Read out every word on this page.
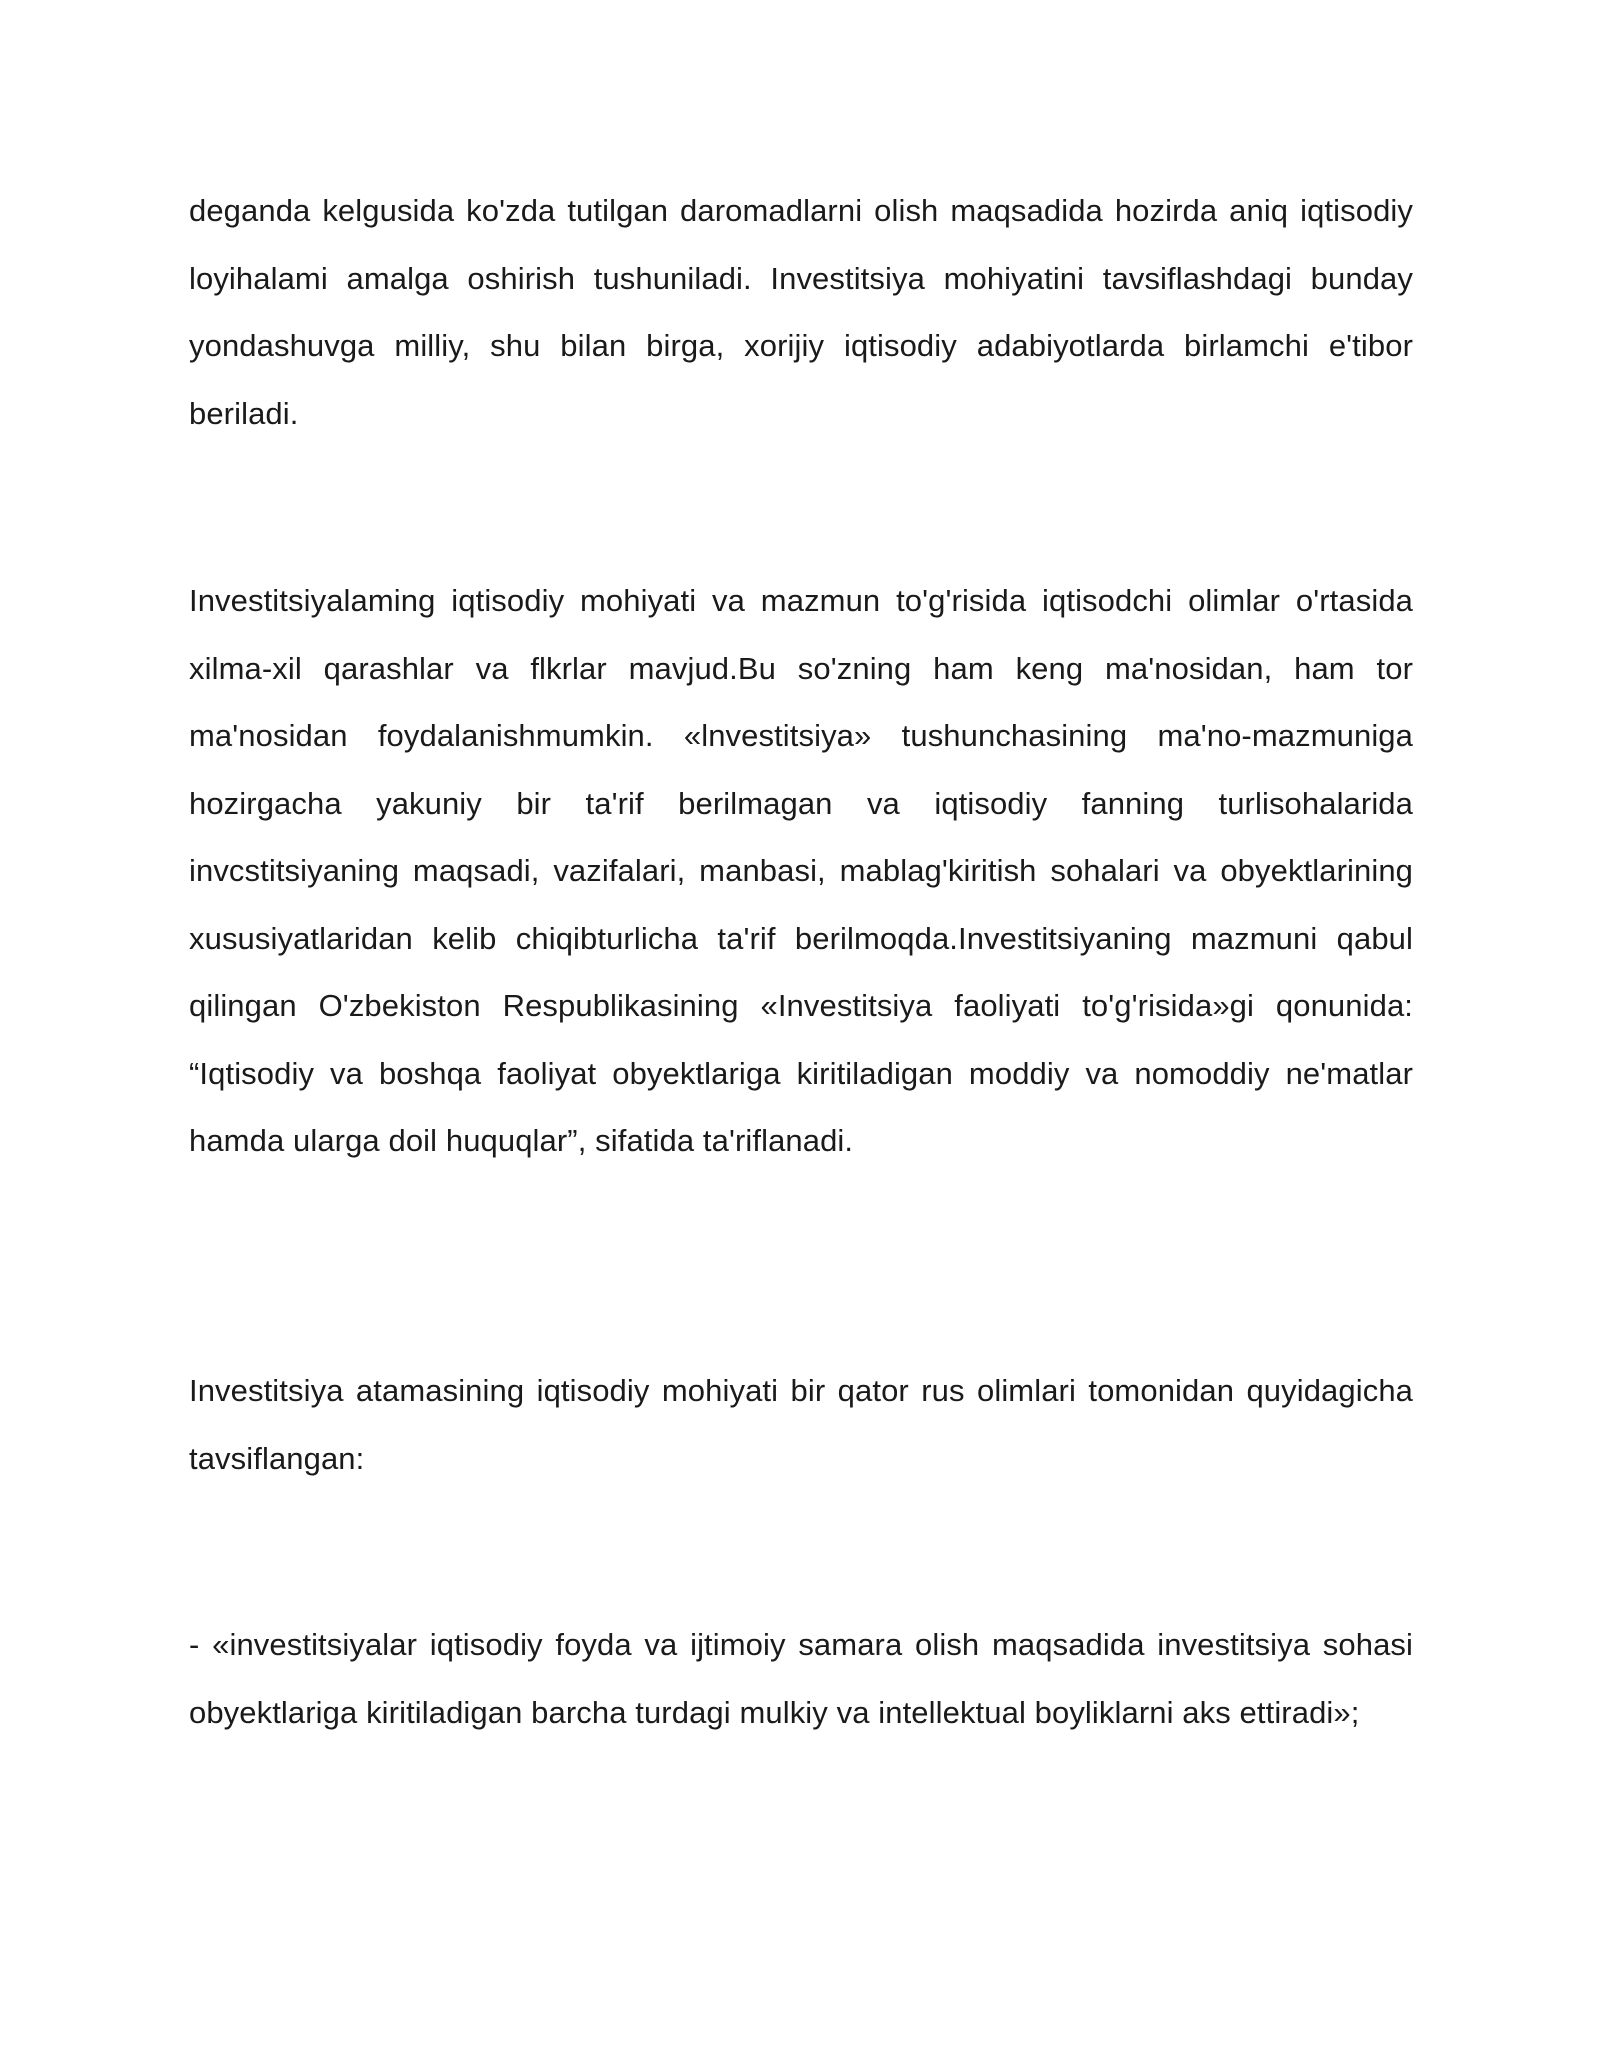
deganda kelgusida ko'zda tutilgan daromadlarni olish maqsadida hozirda aniq iqtisodiy loyihalami amalga oshirish tushuniladi. Investitsiya mohiyatini tavsiflashdagi bunday yondashuvga milliy, shu bilan birga, xorijiy iqtisodiy adabiyotlarda birlamchi e'tibor beriladi.

Investitsiyalaming iqtisodiy mohiyati va mazmun to'g'risida iqtisodchi olimlar o'rtasida xilma-xil qarashlar va flkrlar mavjud.Bu so'zning ham keng ma'nosidan, ham tor ma'nosidan foydalanishmumkin. «lnvestitsiya» tushunchasining ma'no-mazmuniga hozirgacha yakuniy bir ta'rif berilmagan va iqtisodiy fanning turlisohalarida invcstitsiyaning maqsadi, vazifalari, manbasi, mablag'kiritish sohalari va obyektlarining xususiyatlaridan kelib chiqibturlicha ta'rif berilmoqda.Investitsiyaning mazmuni qabul qilingan O'zbekiston Respublikasining «Investitsiya faoliyati to'g'risida»gi qonunida: “Iqtisodiy va boshqa faoliyat obyektlariga kiritiladigan moddiy va nomoddiy ne'matlar hamda ularga doil huquqlar”, sifatida ta'riflanadi.

Investitsiya atamasining iqtisodiy mohiyati bir qator rus olimlari tomonidan quyidagicha tavsiflangan:

- «investitsiyalar iqtisodiy foyda va ijtimoiy samara olish maqsadida investitsiya sohasi obyektlariga kiritiladigan barcha turdagi mulkiy va intellektual boyliklarni aks ettiradi»;
